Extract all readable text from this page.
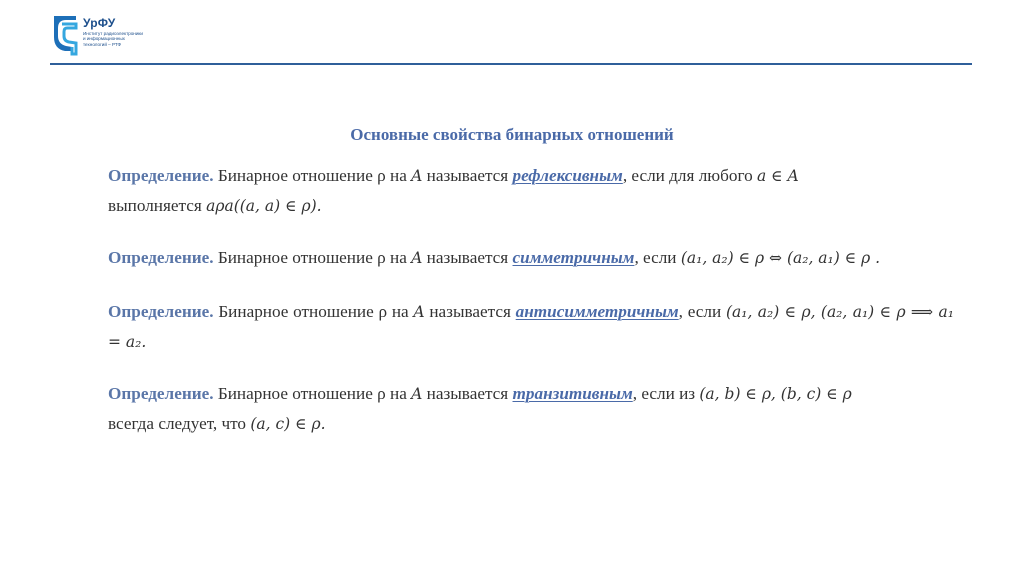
УрФУ
Институт радиоэлектроники и информационных технологий – РТФ
Основные свойства бинарных отношений

Определение. Бинарное отношение ρ на A называется рефлексивным, если для любого a ∈ A
выполняется aρa((a, a) ∈ ρ).

Определение. Бинарное отношение ρ на A называется симметричным, если (a₁, a₂) ∈ ρ ⇔ (a₂, a₁) ∈ ρ .

Определение. Бинарное отношение ρ на A называется антисимметричным, если (a₁, a₂) ∈ ρ, (a₂, a₁) ∈ ρ ⟹ a₁ = a₂.

Определение. Бинарное отношение ρ на A называется транзитивным, если из (a, b) ∈ ρ, (b, c) ∈ ρ
всегда следует, что (a, c) ∈ ρ.
